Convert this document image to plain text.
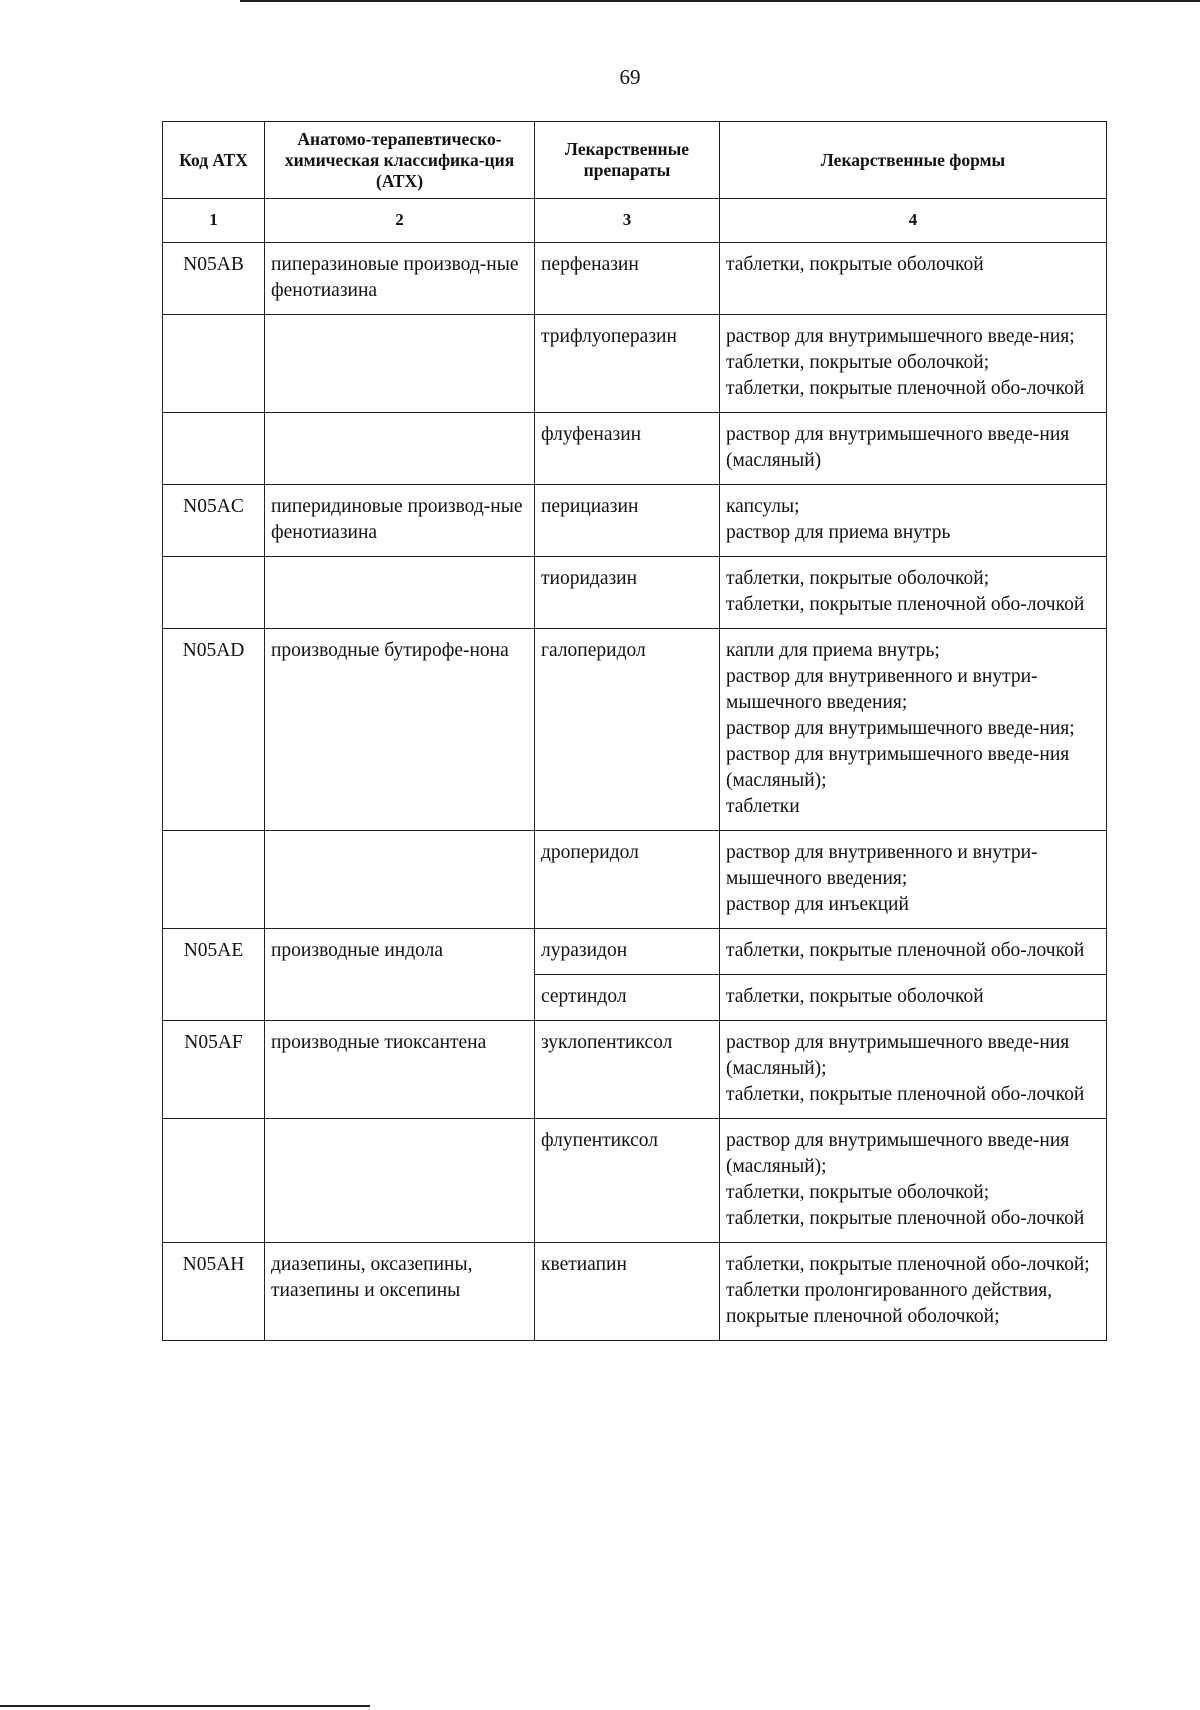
69
Код АТХ	Анатомо-терапевтическо-химическая классифика-ция (АТХ)	Лекарственные препараты	Лекарственные формы
1	2	3	4
N05AB	пиперазиновые производ-ные фенотиазина	перфеназин	таблетки, покрытые оболочкой

		трифлуоперазин	раствор для внутримышечного введе-ния;
таблетки, покрытые оболочкой;
таблетки, покрытые пленочной обо-лочкой

		флуфеназин	раствор для внутримышечного введе-ния (масляный)

N05AC	пиперидиновые производ-ные фенотиазина	перициазин	капсулы;
раствор для приема внутрь

		тиоридазин	таблетки, покрытые оболочкой;
таблетки, покрытые пленочной обо-лочкой

N05AD	производные бутирофе-нона	галоперидол	капли для приема внутрь;
раствор для внутривенного и внутри-мышечного введения;
раствор для внутримышечного введе-ния;
раствор для внутримышечного введе-ния (масляный);
таблетки

		дроперидол	раствор для внутривенного и внутри-мышечного введения;
раствор для инъекций

N05AE	производные индола	луразидон	таблетки, покрытые пленочной обо-лочкой

		сертиндол	таблетки, покрытые оболочкой

N05AF	производные тиоксантена	зуклопентиксол	раствор для внутримышечного введе-ния (масляный);
таблетки, покрытые пленочной обо-лочкой

		флупентиксол	раствор для внутримышечного введе-ния (масляный);
таблетки, покрытые оболочкой;
таблетки, покрытые пленочной обо-лочкой

N05AH	диазепины, оксазепины, тиазепины и оксепины	кветиапин	таблетки, покрытые пленочной обо-лочкой;
таблетки пролонгированного действия, покрытые пленочной оболочкой;
